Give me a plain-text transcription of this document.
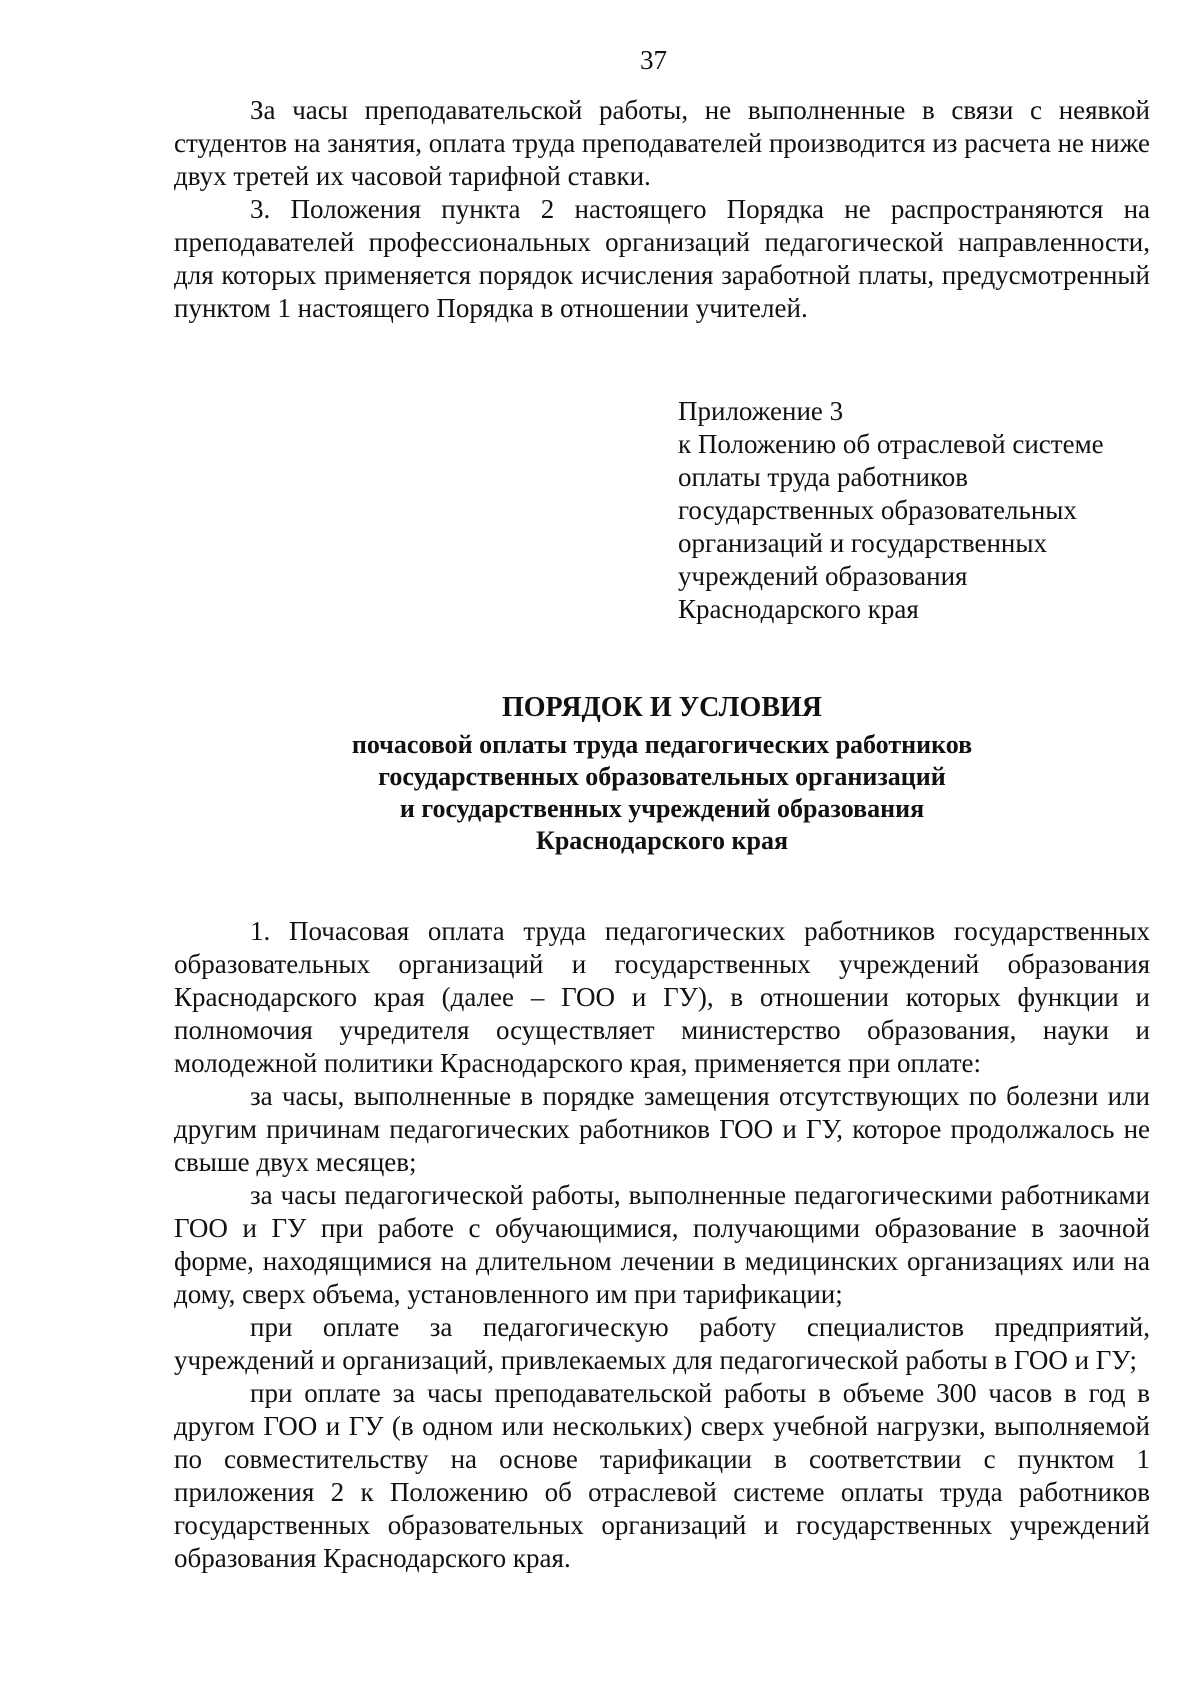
37

За часы преподавательской работы, не выполненные в связи с неявкой студентов на занятия, оплата труда преподавателей производится из расчета не ниже двух третей их часовой тарифной ставки.

3. Положения пункта 2 настоящего Порядка не распространяются на преподавателей профессиональных организаций педагогической направленности, для которых применяется порядок исчисления заработной платы, предусмотренный пунктом 1 настоящего Порядка в отношении учителей.

Приложение 3
к Положению об отраслевой системе
оплаты труда работников
государственных образовательных
организаций и государственных
учреждений образования
Краснодарского края
ПОРЯДОК И УСЛОВИЯ
почасовой оплаты труда педагогических работников
государственных образовательных организаций
и государственных учреждений образования
Краснодарского края

1. Почасовая оплата труда педагогических работников государственных образовательных организаций и государственных учреждений образования Краснодарского края (далее – ГОО и ГУ), в отношении которых функции и полномочия учредителя осуществляет министерство образования, науки и молодежной политики Краснодарского края, применяется при оплате:

за часы, выполненные в порядке замещения отсутствующих по болезни или другим причинам педагогических работников ГОО и ГУ, которое продолжалось не свыше двух месяцев;

за часы педагогической работы, выполненные педагогическими работниками ГОО и ГУ при работе с обучающимися, получающими образование в заочной форме, находящимися на длительном лечении в медицинских организациях или на дому, сверх объема, установленного им при тарификации;

при оплате за педагогическую работу специалистов предприятий, учреждений и организаций, привлекаемых для педагогической работы в ГОО и ГУ;

при оплате за часы преподавательской работы в объеме 300 часов в год в другом ГОО и ГУ (в одном или нескольких) сверх учебной нагрузки, выполняемой по совместительству на основе тарификации в соответствии с пунктом 1 приложения 2 к Положению об отраслевой системе оплаты труда работников государственных образовательных организаций и государственных учреждений образования Краснодарского края.
